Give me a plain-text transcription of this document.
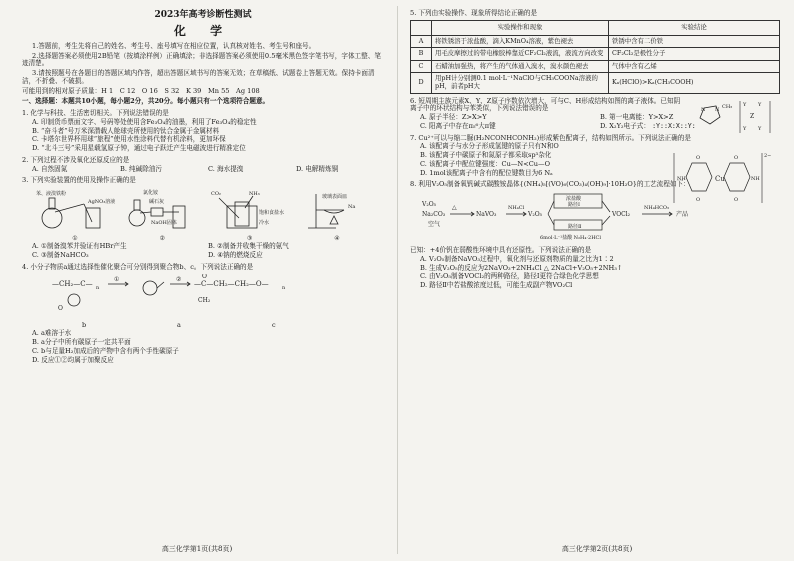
2023年高考诊断性测试
化 学

1.答题前，考生先将自己的姓名、考生号、座号填写在相应位置，认真核对姓名、考生号和座号。

2.选择题答案必须使用2B铅笔（按填涂样例）正确填涂；非选择题答案必须使用0.5毫米黑色签字笔书写，字体工整、笔迹清楚。

3.请按照题号在各题目的答题区域内作答，超出答题区域书写的答案无效；在草稿纸、试题卷上答题无效。保持卡面清洁，不折叠、不破损。

可能用到的相对原子质量：H 1　C 12　O 16　S 32　K 39　Mn 55　Ag 108

一、选择题：本题共10小题，每小题2分，共20分。每小题只有一个选项符合题意。
1. 化学与科技、生活密切相关。下列说法错误的是
A. 印制货币票面文字、号码等处使用含Fe₃O₄的油墨，利用了Fe₃O₄的稳定性
B. “奋斗者”号万米深潜载人舱球壳所使用的钛合金属于金属材料
C. 卡塔尔世界杯用球“旅程”使用水性涂料代替有机涂料，更加环保
D. “北斗三号”采用星载氢原子钟，通过电子跃迁产生电磁波进行精准定位
2. 下列过程不涉及氧化还原反应的是
A. 自然固氮	B. 纯碱除油污	C. 海水提溴	D. 电解精炼铜
3. 下列实验装置的使用及操作正确的是
苯、液溴铁粉
AgNO₃溶液
①
氯化铵
碱石灰
NaOH固体
②
CO₂	NH₃
饱和食盐水
冷水
③
玻璃表面皿
Na
④
A. ①制备溴苯并验证有HBr产生	B. ②制备并收集干燥的氨气
C. ③制备NaHCO₃	D. ④钠的燃烧反应
4. 小分子物质a通过选择性催化聚合可分别得到聚合物b、c。下列说法正确的是
—CH₂—C— n
O
①	②
—C—CH₂—CH₂—O—	n
O
CH₂
b	a	c
A. a难溶于水
B. a分子中所有碳原子一定共平面
C. b与足量H₂加成后的产物中含有两个手性碳原子
D. 反应①②均属于加聚反应
高三化学第1页(共8页)
5. 下列由实验操作、现象所得结论正确的是
	实验操作和现象	实验结论
A	将铁锈溶于浓盐酸，滴入KMnO₄溶液，紫色褪去	铁锈中含有二价铁
B	用毛皮摩擦过的带电橡胶棒靠近CF₂Cl₂液流，液流方向改变	CF₂Cl₂是极性分子
C	石蜡油加强热，将产生的气体通入溴水，溴水颜色褪去	气体中含有乙烯
D	用pH计分别测0.1 mol·L⁻¹NaClO与CH₃COONa溶液的pH，前者pH大	Kₐ(HClO)>Kₐ(CH₃COOH)
6. 短周期主族元素X、Y、Z原子序数依次增大，可与C、H形成结构如图的离子液体。已知阴离子中的环状结构与苯类似，下列说法错误的是	N N CH₃ Y Y
Z
Y Y
A. 原子半径：Z>X>Y	B. 第一电离能：Y>X>Z
C. 阳离子中存在π₅⁶大π键	D. X₂Y₂电子式： :Y::X:X::Y:
7. Cu²⁺可以与缩二脲(H₂NCONHCONH₂)形成紫色配离子，结构如图所示。下列说法正确的是
Cu
2−
NH	NH
O
O
O
O
A. 该配离子与水分子形成氢键的原子只有N和O
B. 该配离子中碳原子和氮原子都采取sp³杂化
C. 该配离子中配位键强度：Cu—N<Cu—O
D. 1mol该配离子中含有的配位键数目为6 Nₐ
8. 利用V₂O₅制备氧钒碱式碳酸铵晶体{(NH₄)₅[(VO)₆(CO₃)₄(OH)₉]·10H₂O}的工艺流程如下：
V₂O₅
Na₂CO₃
空气
△
NaVO₃
NH₄Cl
V₂O₅
浓盐酸
路径Ⅰ
路径Ⅱ
6mol·L⁻¹盐酸 N₂H₄·2HCl
VOCl₂
NH₄HCO₃
产品
已知：+4价钒在弱酸性环境中具有还原性。下列说法正确的是
A. V₂O₅制备NaVO₃过程中，氧化剂与还原剂物质的量之比为1∶2
B. 生成V₂O₅的反应为2NaVO₃+2NH₄Cl △ 2NaCl+V₂O₅+2NH₃↑
C. 由V₂O₅制备VOCl₂的两种路径，路径Ⅰ更符合绿色化学思想
D. 路径Ⅱ中若盐酸浓度过低，可能生成副产物VO₂Cl
高三化学第2页(共8页)
